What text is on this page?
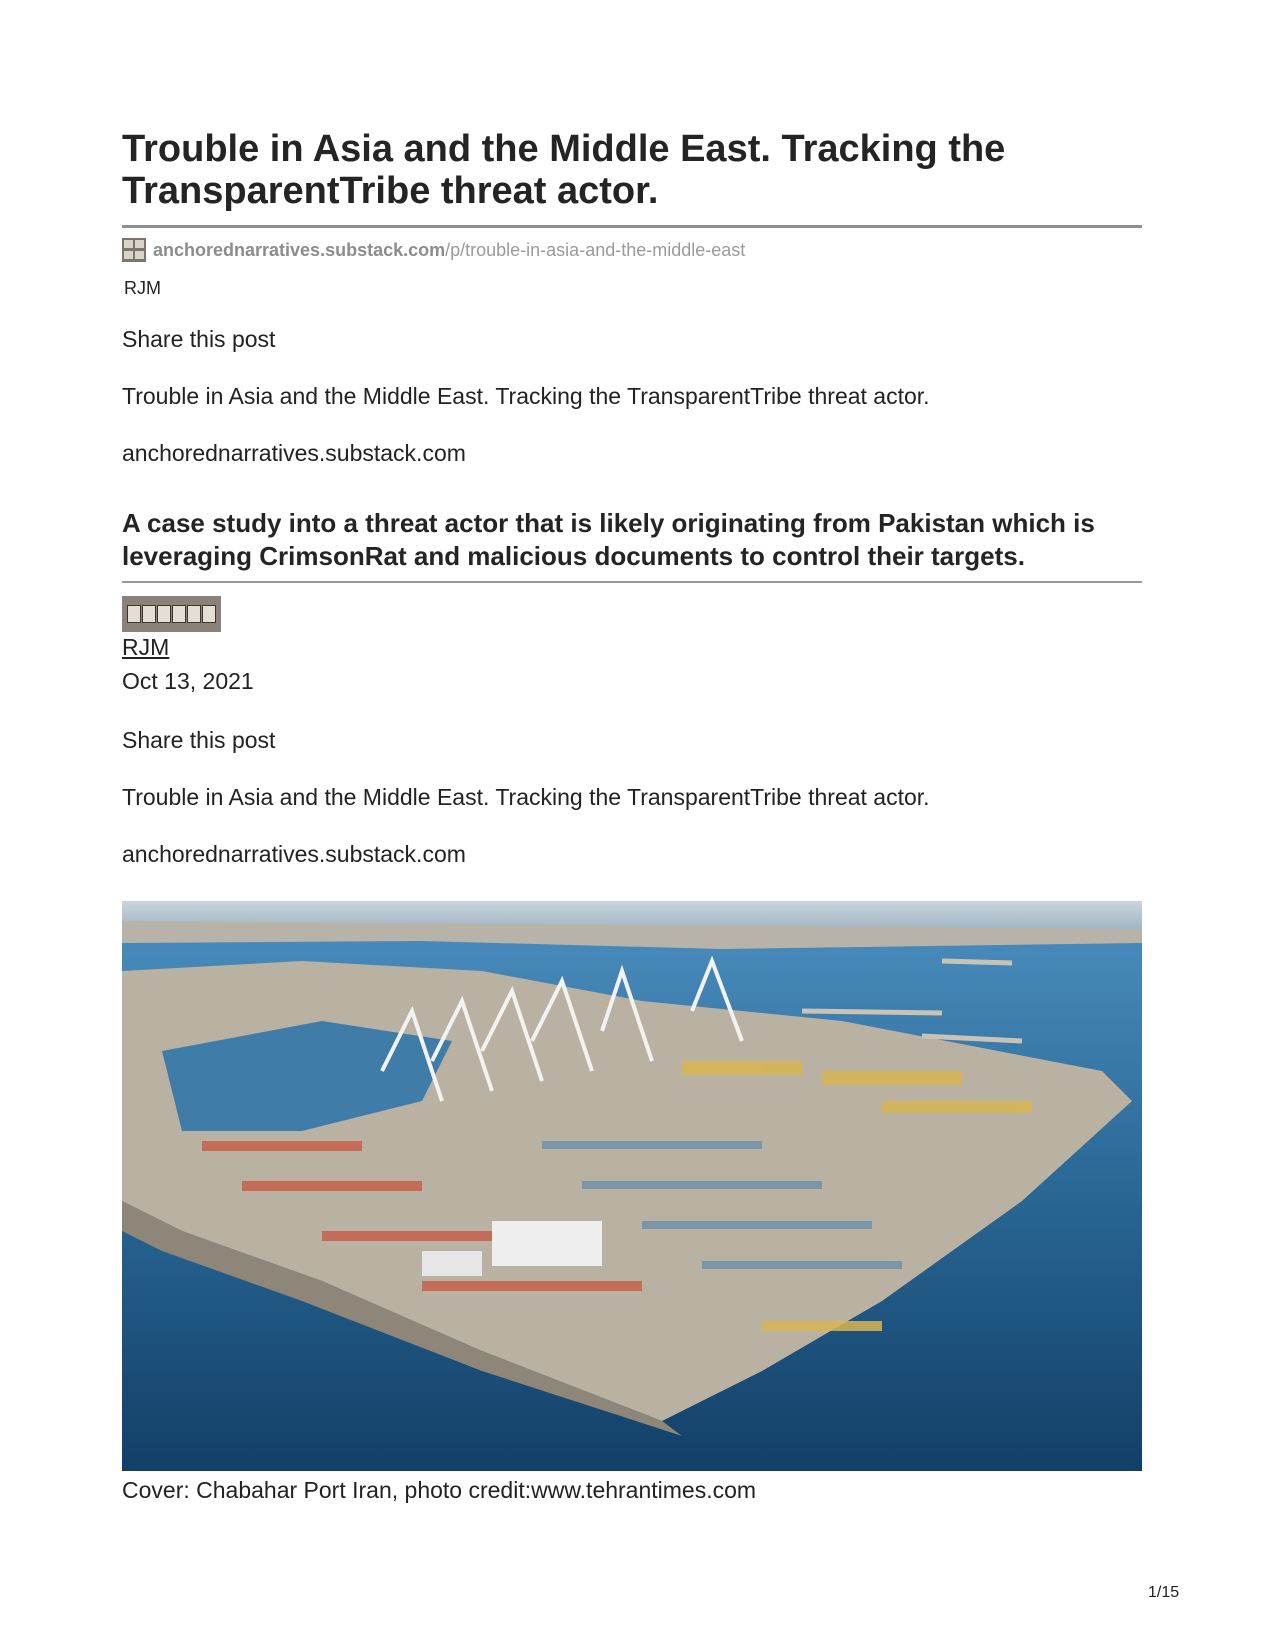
Trouble in Asia and the Middle East. Tracking the TransparentTribe threat actor.
anchorednarratives.substack.com /p/trouble-in-asia-and-the-middle-east
RJM
Share this post
Trouble in Asia and the Middle East. Tracking the TransparentTribe threat actor.
anchorednarratives.substack.com
A case study into a threat actor that is likely originating from Pakistan which is leveraging CrimsonRat and malicious documents to control their targets.
RJM
Oct 13, 2021
Share this post
Trouble in Asia and the Middle East. Tracking the TransparentTribe threat actor.
anchorednarratives.substack.com
Cover: Chabahar Port Iran, photo credit:www.tehrantimes.com
1/15
